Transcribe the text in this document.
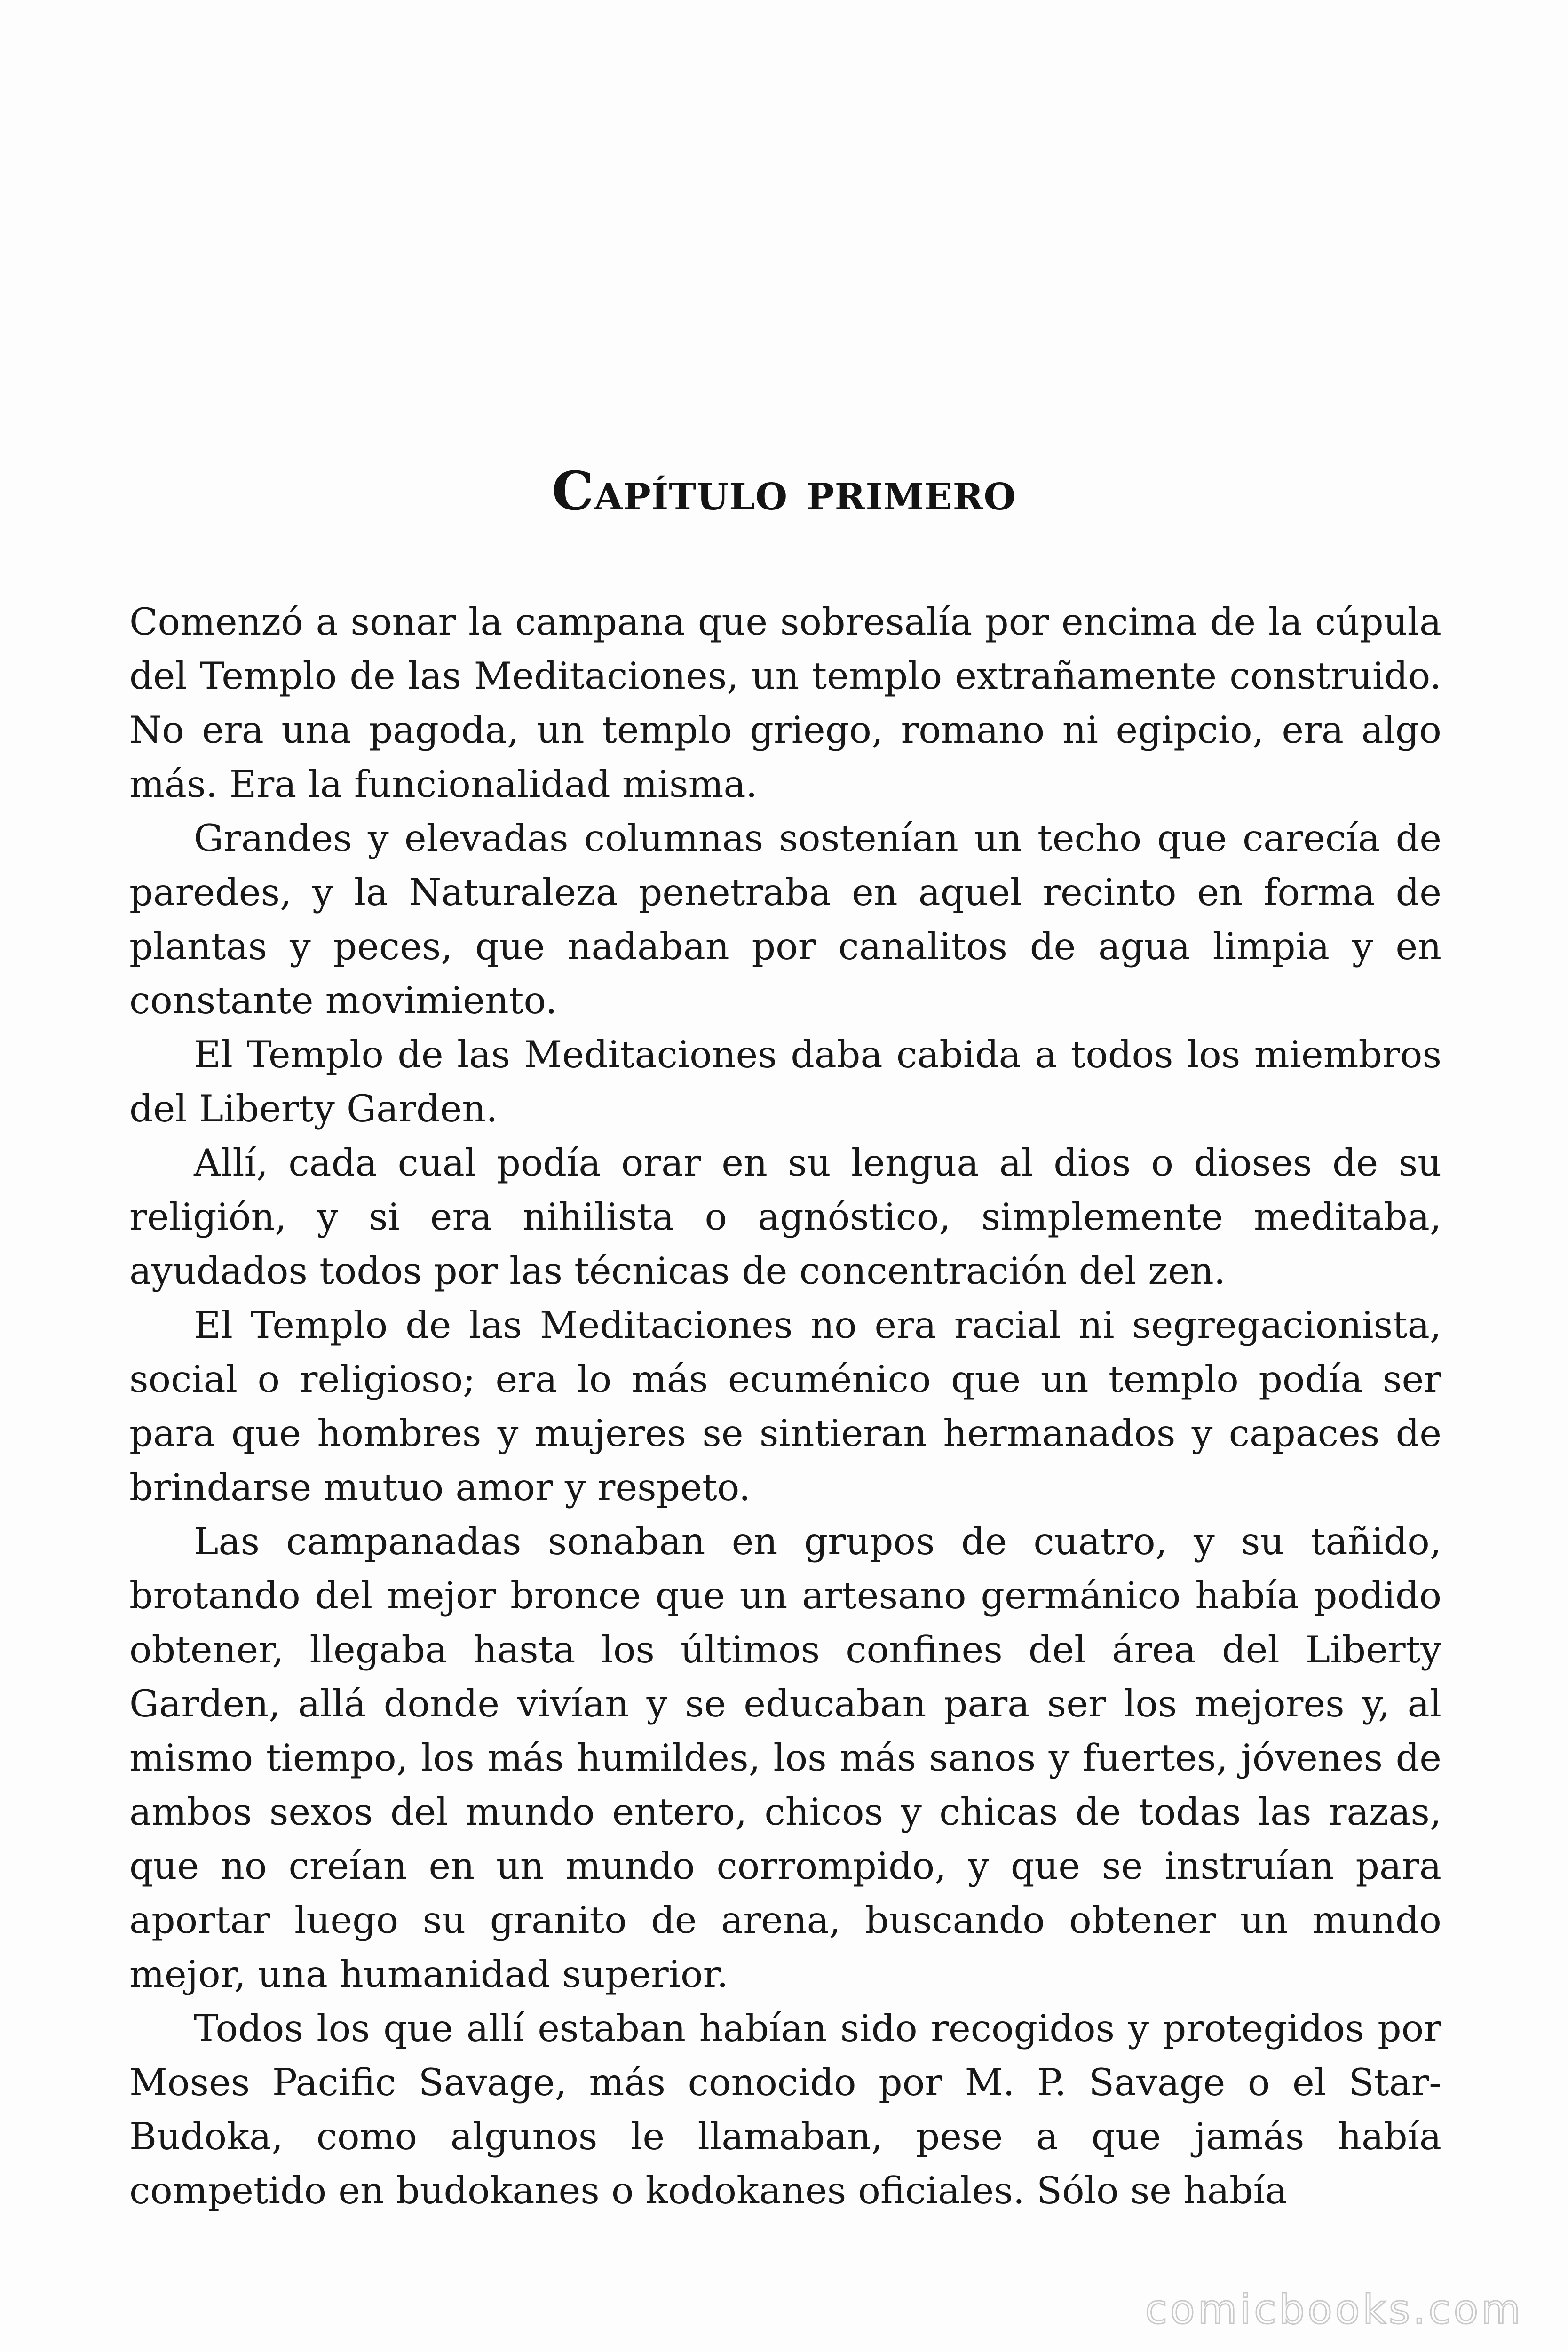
Capítulo primero

Comenzó a sonar la campana que sobresalía por encima de la cúpula del Templo de las Meditaciones, un templo extrañamente construido. No era una pagoda, un templo griego, romano ni egipcio, era algo más. Era la funcionalidad misma.

Grandes y elevadas columnas sostenían un techo que carecía de paredes, y la Naturaleza penetraba en aquel recinto en forma de plantas y peces, que nadaban por canalitos de agua limpia y en constante movimiento.

El Templo de las Meditaciones daba cabida a todos los miembros del Liberty Garden.

Allí, cada cual podía orar en su lengua al dios o dioses de su religión, y si era nihilista o agnóstico, simplemente meditaba, ayudados todos por las técnicas de concentración del zen.

El Templo de las Meditaciones no era racial ni segregacionista, social o religioso; era lo más ecuménico que un templo podía ser para que hombres y mujeres se sintieran hermanados y capaces de brindarse mutuo amor y respeto.

Las campanadas sonaban en grupos de cuatro, y su tañido, brotando del mejor bronce que un artesano germánico había podido obtener, llegaba hasta los últimos confines del área del Liberty Garden, allá donde vivían y se educaban para ser los mejores y, al mismo tiempo, los más humildes, los más sanos y fuertes, jóvenes de ambos sexos del mundo entero, chicos y chicas de todas las razas, que no creían en un mundo corrompido, y que se instruían para aportar luego su granito de arena, buscando obtener un mundo mejor, una humanidad superior.

Todos los que allí estaban habían sido recogidos y protegidos por Moses Pacific Savage, más conocido por M. P. Savage o el Star-Budoka, como algunos le llamaban, pese a que jamás había competido en budokanes o kodokanes oficiales. Sólo se había

comicbooks.com
